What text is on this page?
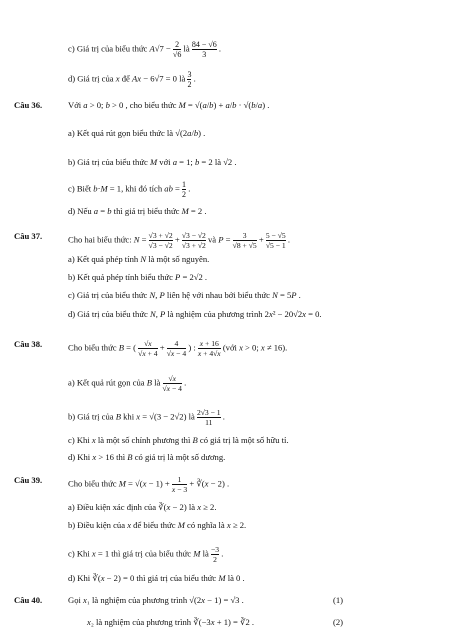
c) Giá trị của biểu thức $A√7 - \frac{2}{√6}$ là $\frac{84 - √6}{3}$ .
d) Giá trị của x để Ax − 6√7 = 0 là $\frac{3}{2}$ .
Câu 36.	Với a > 0; b > 0 , cho biểu thức M = √(a/b) + a/b · √(b/a) .
a) Kết quả rút gọn biểu thức là √(2a/b) .
b) Giá trị của biểu thức M với a = 1; b = 2 là √2 .
c) Biết b·M = 1, khi đó tích ab = $\frac{1}{2}$ .
d) Nếu a = b thì giá trị biểu thức M = 2 .
Câu 37.	Cho hai biểu thức: $N = \frac{√3 + √2}{√3 - √2} + \frac{√3 - √2}{√3 + √2}$ và $P = \frac{3}{√8 + √5} + \frac{5 - √5}{√5 - 1}$ .
a) Kết quả phép tính N là một số nguyên.
b) Kết quả phép tính biểu thức P = 2√2 .
c) Giá trị của biểu thức N, P liên hệ với nhau bởi biểu thức N = 5P .
d) Giá trị của biểu thức N, P là nghiệm của phương trình 2x² − 20√2x = 0.
Câu 38.	Cho biểu thức B = ( $\frac{√x}{√x + 4} + \frac{4}{√x - 4}$ ) : $\frac{x + 16}{x + 4√x}$ (với x > 0; x ≠ 16).
a) Kết quả rút gọn của B là $\frac{√x}{√x - 4}$ .
b) Giá trị của B khi x = √(3 − 2√2) là $\frac{2√3 - 1}{11}$ .
c) Khi x là một số chính phương thì B có giá trị là một số hữu tỉ.
d) Khi x > 16 thì B có giá trị là một số dương.
Câu 39.	Cho biểu thức $M = √(x - 1) + \frac{1}{x - 3}$ + ∛(x − 2) .
a) Điều kiện xác định của ∛(x − 2) là x ≥ 2.
b) Điều kiện của x để biểu thức M có nghĩa là x ≥ 2.
c) Khi x = 1 thì giá trị của biểu thức M là $\frac{-3}{2}$ .
d) Khi ∛(x − 2) = 0 thì giá trị của biểu thức M là 0 .
Câu 40.	Gọi x₁ là nghiệm của phương trình √(2x − 1) = √3 .	(1)
x₂ là nghiệm của phương trình ∛(−3x + 1) = ∛2 .	(2)
